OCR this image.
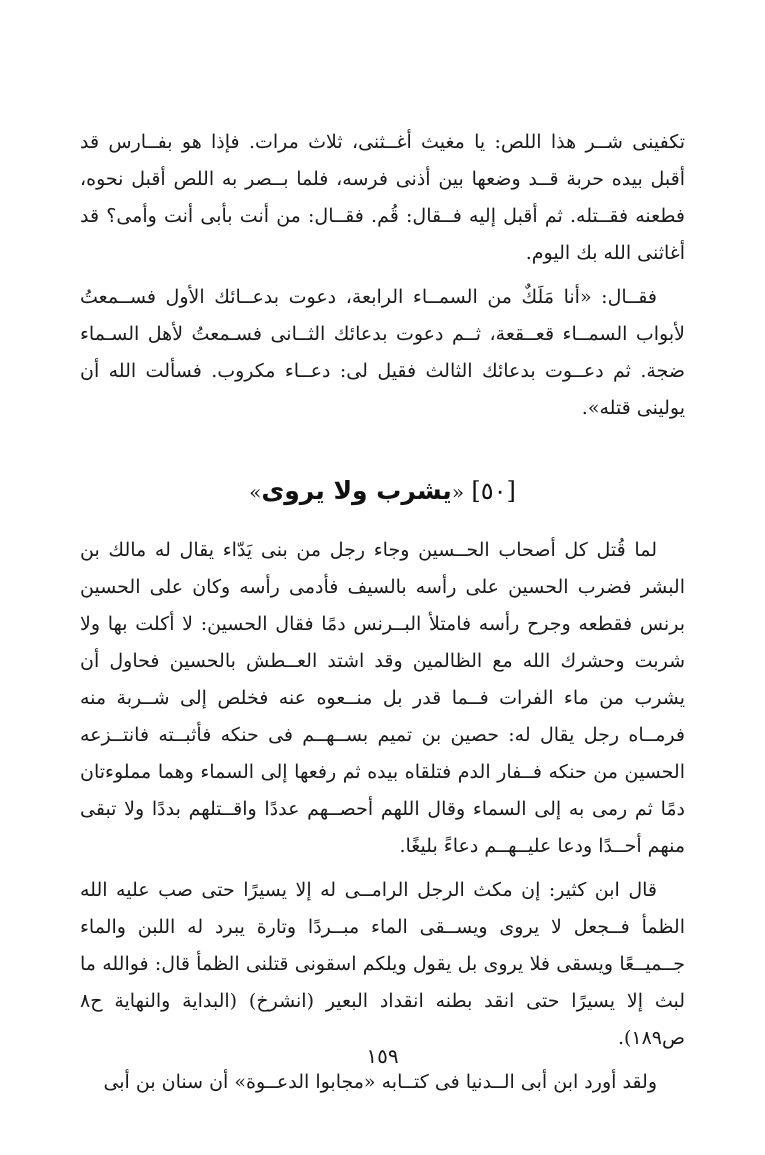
تكفينى شــر هذا اللص: يا مغيث أغــثنى، ثلاث مرات. فإذا هو بفــارس قد أقبل بيده حربة قــد وضعها بين أذنى فرسه، فلما بــصر به اللص أقبل نحوه، فطعنه فقــتله. ثم أقبل إليه فــقال: قُم. فقــال: من أنت بأبى أنت وأمى؟ قد أغاثنى الله بك اليوم.

فقــال: «أنا مَلَكٌ من السمــاء الرابعة، دعوت بدعــائك الأول فســمعتُ لأبواب السمــاء قعــقعة، ثــم دعوت بدعائك الثــانى فسـمعتُ لأهل السـماء ضجة. ثم دعــوت بدعائك الثالث فقيل لى: دعــاء مكروب. فسألت الله أن يولينى قتله».

[٥٠] «يشرب ولا يروى»

لما قُتل كل أصحاب الحــسين وجاء رجل من بنى يَدّاء يقال له مالك بن البشر فضرب الحسين على رأسه بالسيف فأدمى رأسه وكان على الحسين برنس فقطعه وجرح رأسه فامتلأ البــرنس دمًا فقال الحسين: لا أكلت بها ولا شربت وحشرك الله مع الظالمين وقد اشتد العــطش بالحسين فحاول أن يشرب من ماء الفرات فــما قدر بل منــعوه عنه فخلص إلى شــربة منه فرمــاه رجل يقال له: حصين بن تميم بســهــم فى حنكه فأثبــته فانتــزعه الحسين من حنكه فــفار الدم فتلقاه بيده ثم رفعها إلى السماء وهما مملوءتان دمًا ثم رمى به إلى السماء وقال اللهم أحصــهم عددًا واقــتلهم بددًا ولا تبقى منهم أحــدًا ودعا عليــهــم دعاءً بليغًا.

قال ابن كثير: إن مكث الرجل الرامــى له إلا يسيرًا حتى صب عليه الله الظمأ فــجعل لا يروى ويســقى الماء مبــردًا وتارة يبرد له اللبن والماء جــميــعًا ويسقى فلا يروى بل يقول ويلكم اسقونى قتلنى الظمأ قال: فوالله ما لبث إلا يسيرًا حتى انقد بطنه انقداد البعير (انشرخ) (البداية والنهاية ح٨ ص١٨٩).

ولقد أورد ابن أبى الــدنيا فى كتــابه «مجابوا الدعــوة» أن سنان بن أبى

١٥٩
